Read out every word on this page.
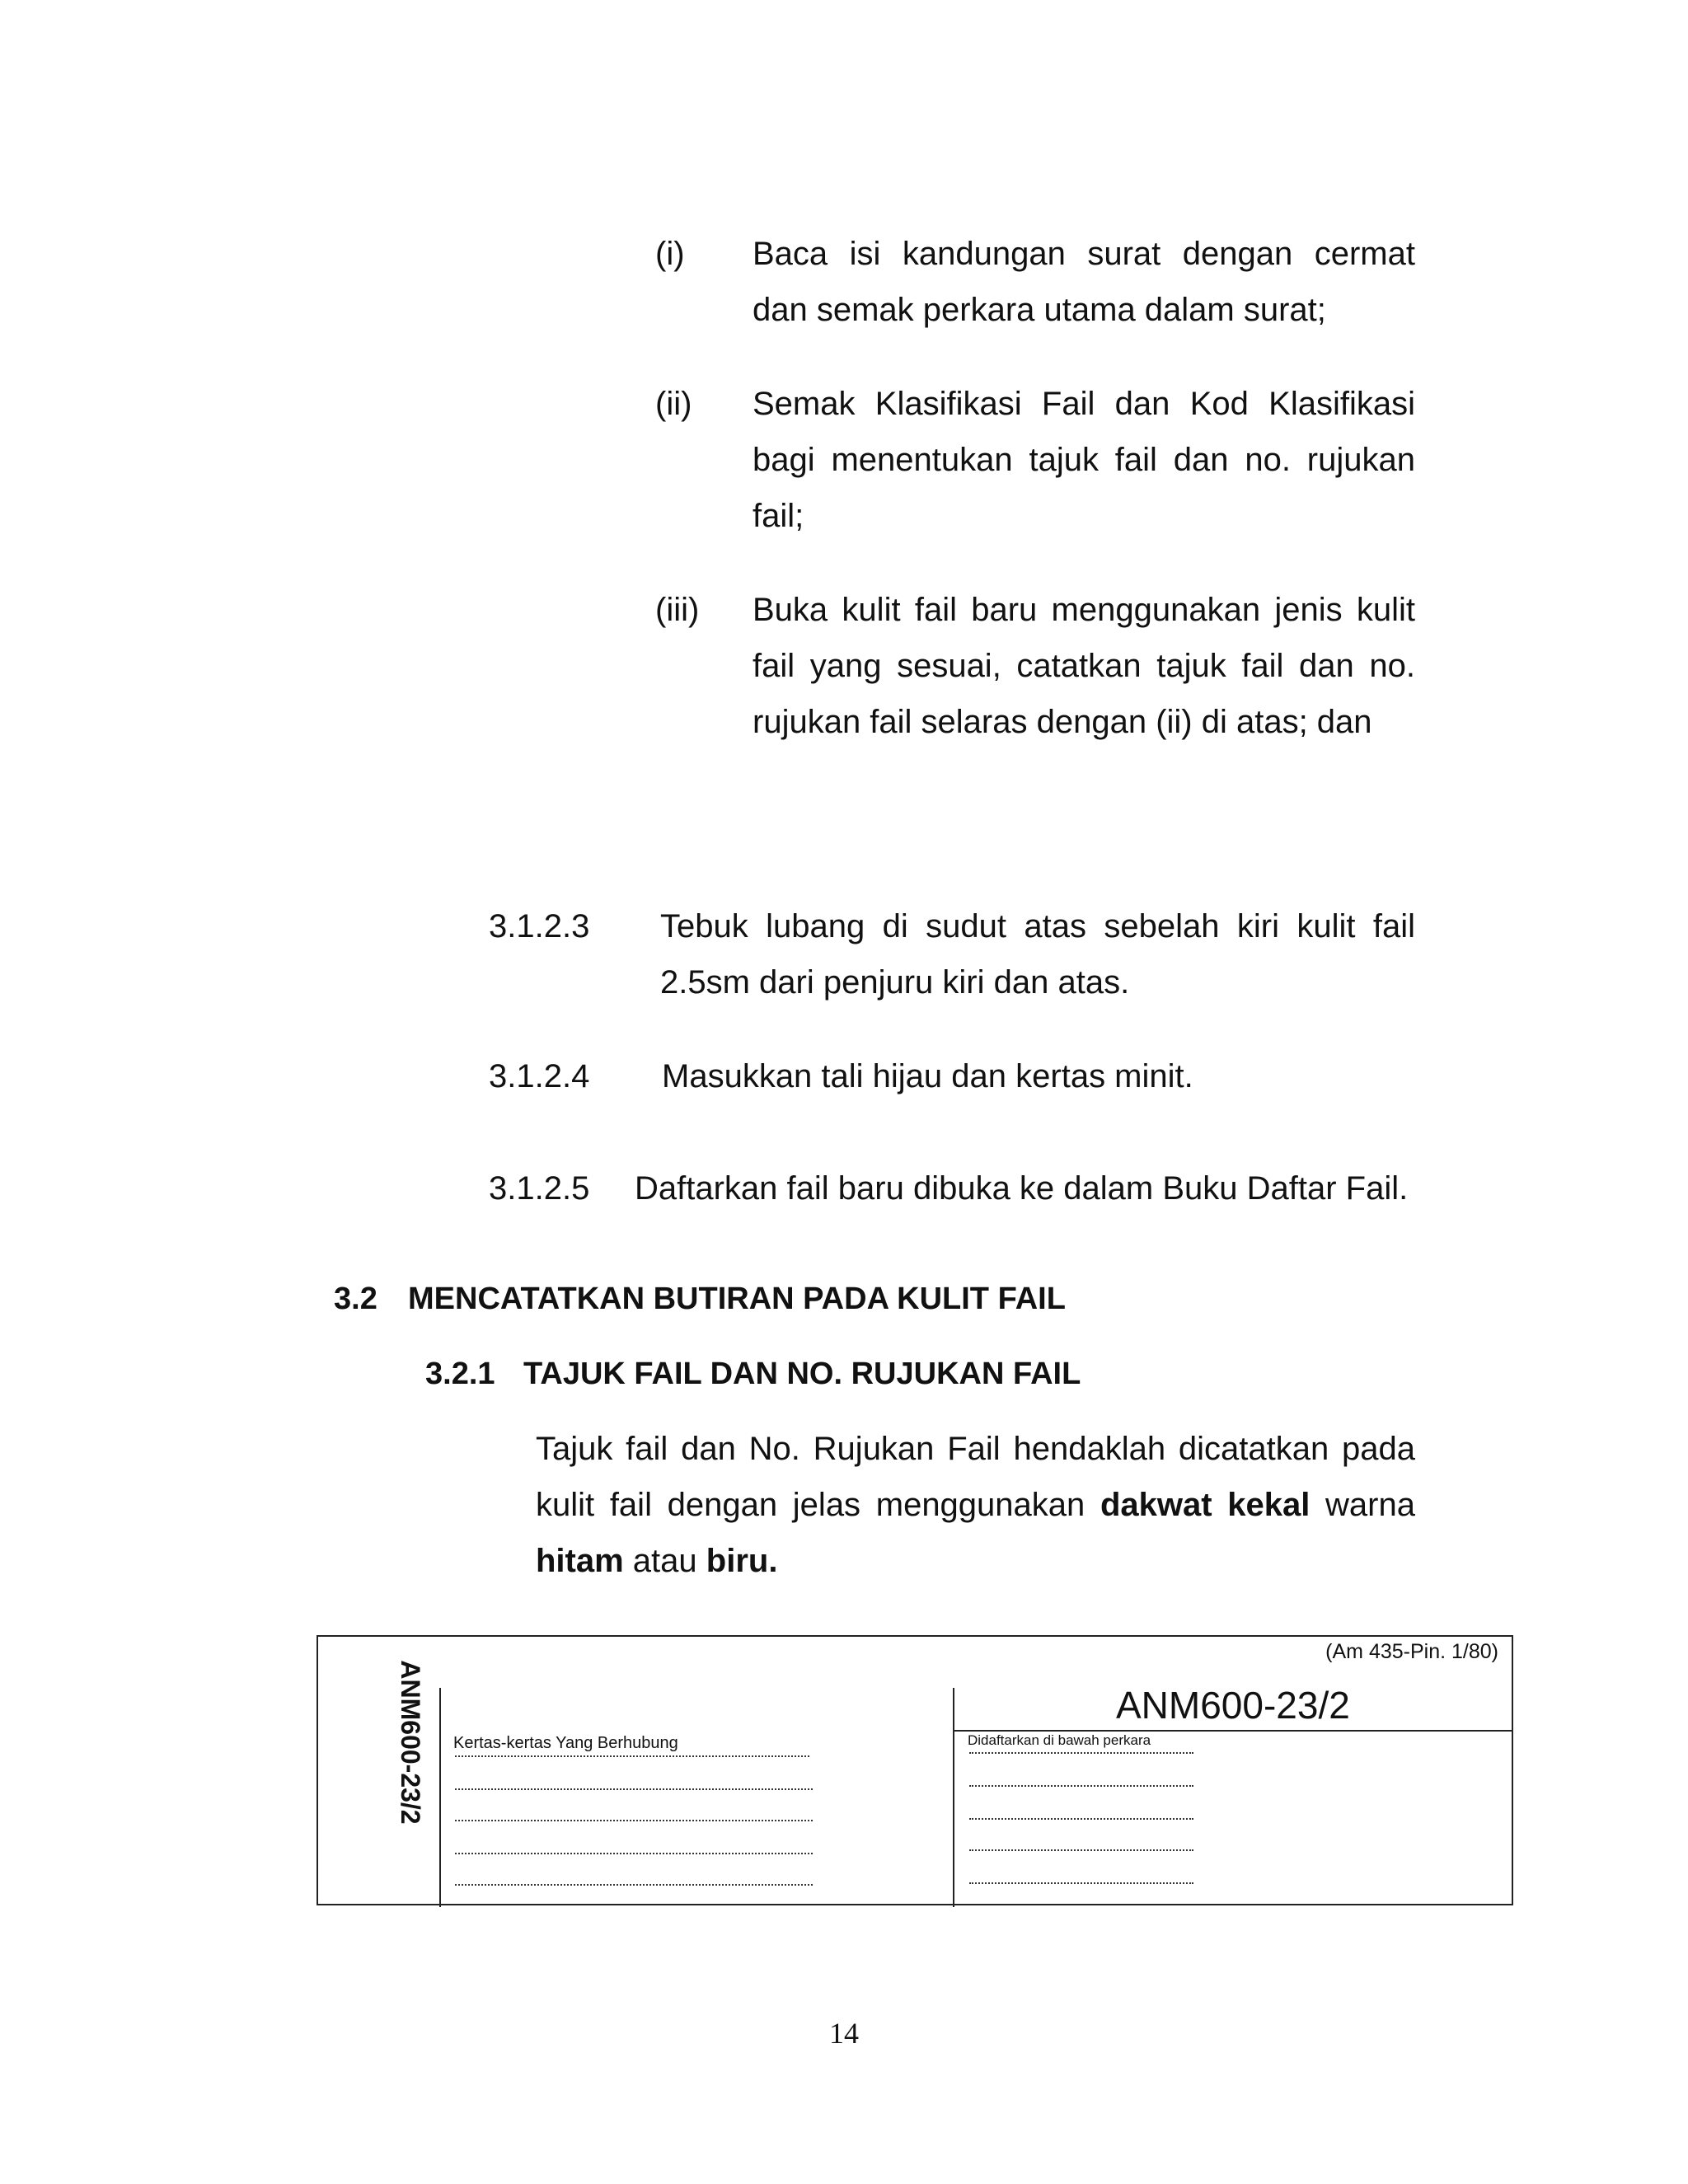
(i) Baca isi kandungan surat dengan cermat dan semak perkara utama dalam surat;
(ii) Semak Klasifikasi Fail dan Kod Klasifikasi bagi menentukan tajuk fail dan no. rujukan fail;
(iii) Buka kulit fail baru menggunakan jenis kulit fail yang sesuai, catatkan tajuk fail dan no. rujukan fail selaras dengan (ii) di atas; dan
3.1.2.3 Tebuk lubang di sudut atas sebelah kiri kulit fail 2.5sm dari penjuru kiri dan atas.
3.1.2.4 Masukkan tali hijau dan kertas minit.
3.1.2.5 Daftarkan fail baru dibuka ke dalam Buku Daftar Fail.
3.2 MENCATATKAN BUTIRAN PADA KULIT FAIL
3.2.1 TAJUK FAIL DAN NO. RUJUKAN FAIL
Tajuk fail dan No. Rujukan Fail hendaklah dicatatkan pada kulit fail dengan jelas menggunakan dakwat kekal warna hitam atau biru.
(Am 435-Pin. 1/80)
ANM600-23/2	ANM600-23/2
Kertas-kertas Yang Berhubung	Didaftarkan di bawah perkara
14
